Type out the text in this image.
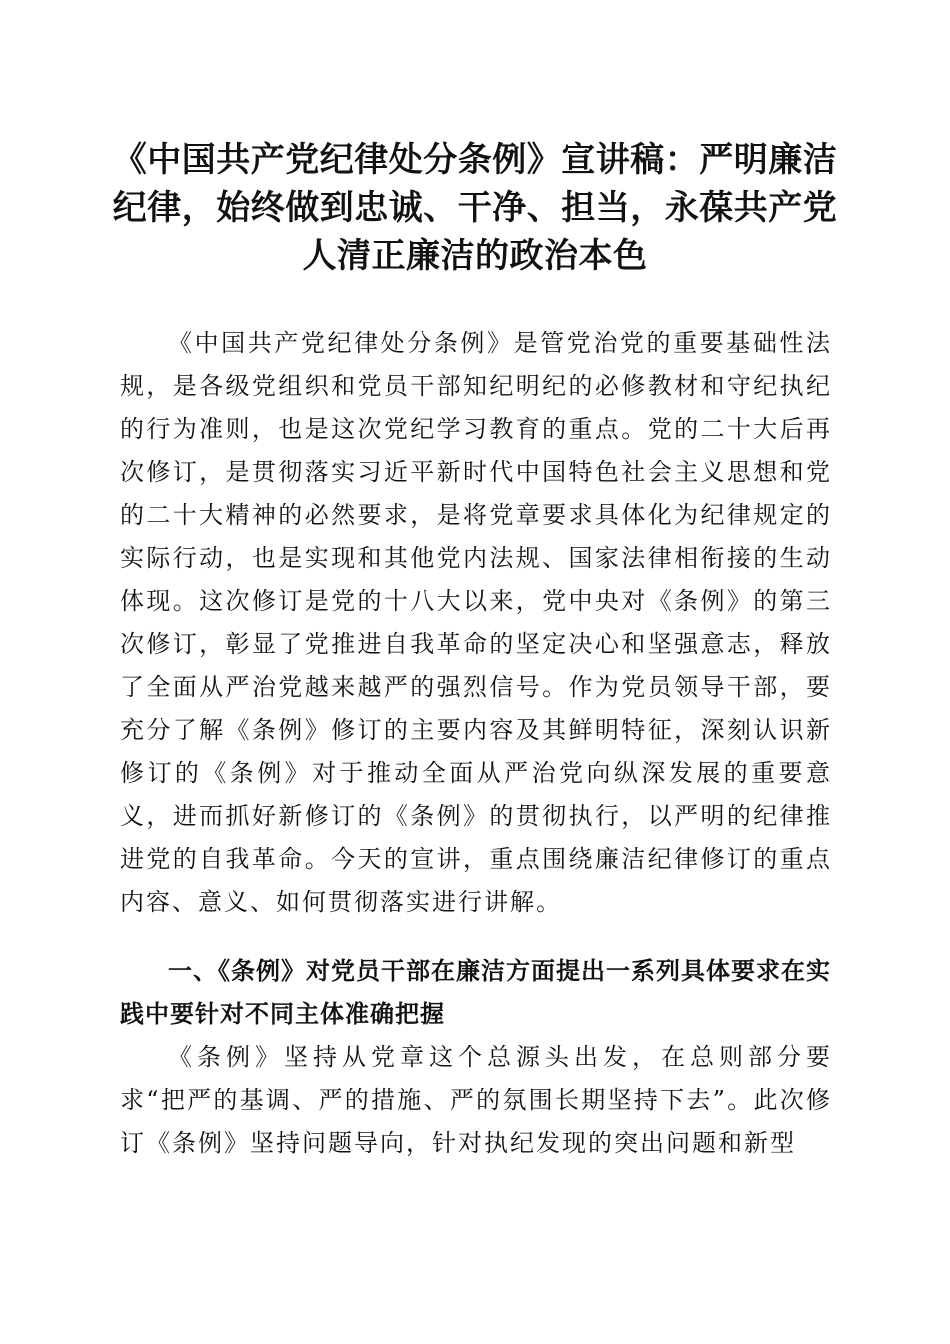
《中国共产党纪律处分条例》宣讲稿：严明廉洁纪律，始终做到忠诚、干净、担当，永葆共产党人清正廉洁的政治本色
《中国共产党纪律处分条例》是管党治党的重要基础性法规，是各级党组织和党员干部知纪明纪的必修教材和守纪执纪的行为准则，也是这次党纪学习教育的重点。党的二十大后再次修订，是贯彻落实习近平新时代中国特色社会主义思想和党的二十大精神的必然要求，是将党章要求具体化为纪律规定的实际行动，也是实现和其他党内法规、国家法律相衔接的生动体现。这次修订是党的十八大以来，党中央对《条例》的第三次修订，彰显了党推进自我革命的坚定决心和坚强意志，释放了全面从严治党越来越严的强烈信号。作为党员领导干部，要充分了解《条例》修订的主要内容及其鲜明特征，深刻认识新修订的《条例》对于推动全面从严治党向纵深发展的重要意义，进而抓好新修订的《条例》的贯彻执行，以严明的纪律推进党的自我革命。今天的宣讲，重点围绕廉洁纪律修订的重点内容、意义、如何贯彻落实进行讲解。
一、《条例》对党员干部在廉洁方面提出一系列具体要求在实践中要针对不同主体准确把握
《条例》坚持从党章这个总源头出发，在总则部分要求“把严的基调、严的措施、严的氛围长期坚持下去”。此次修订《条例》坚持问题导向，针对执纪发现的突出问题和新型
